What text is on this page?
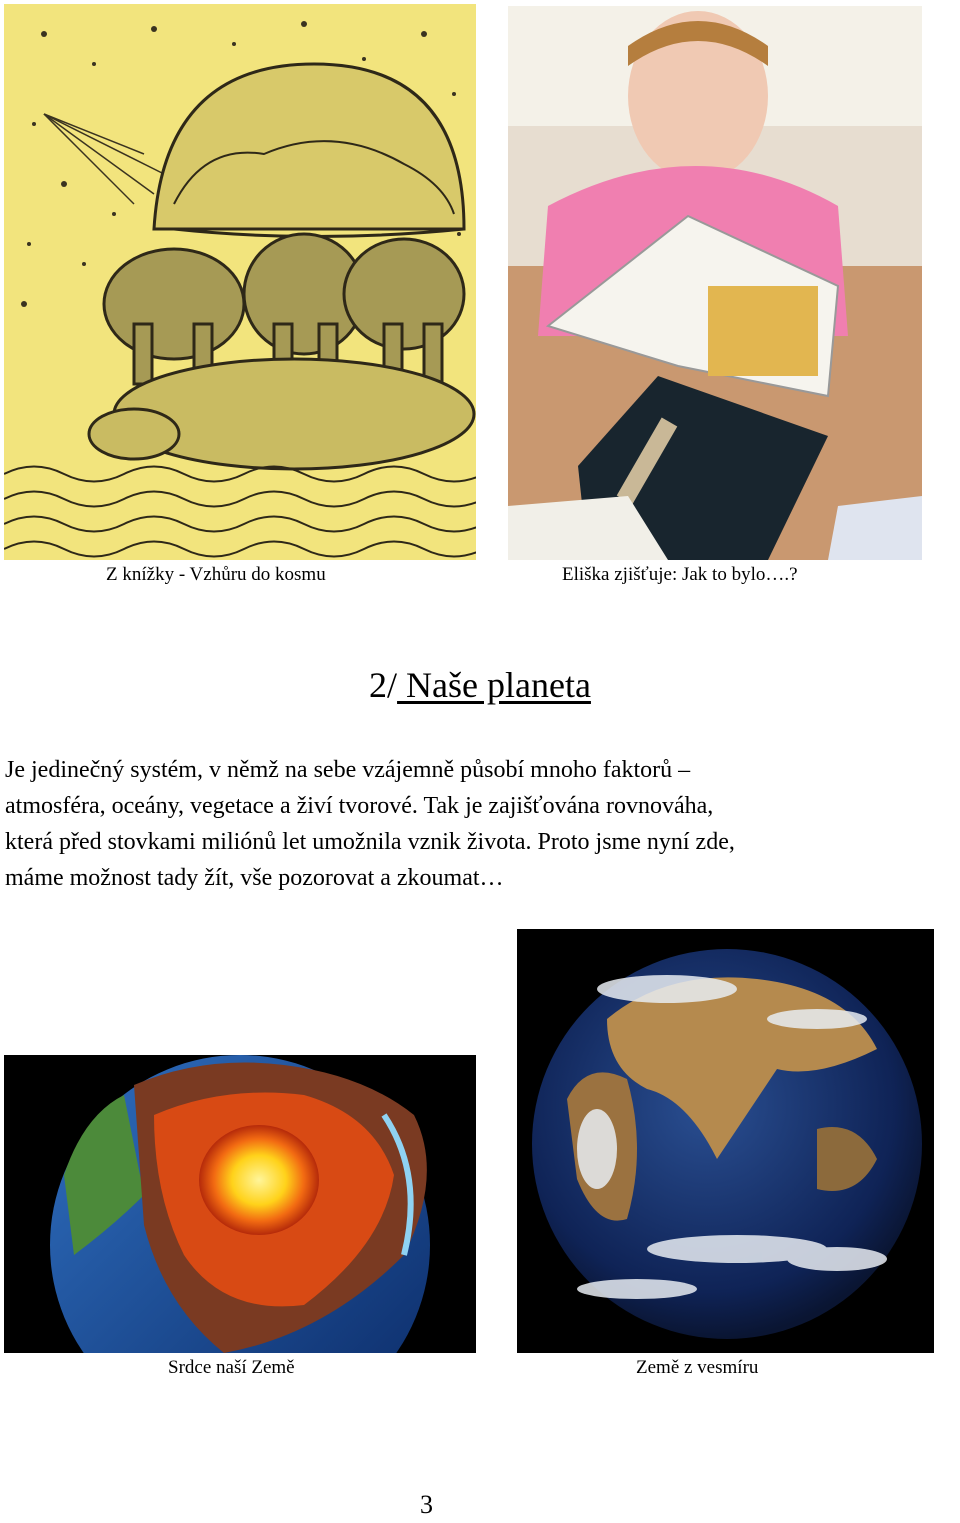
Z knížky - Vzhůru do kosmu	Eliška zjišťuje: Jak to bylo….?
2/ Naše planeta
Je jedinečný systém, v němž na sebe vzájemně působí mnoho faktorů –
atmosféra, oceány, vegetace a živí tvorové. Tak je zajišťována rovnováha,
která před stovkami miliónů let umožnila vznik života. Proto jsme nyní zde,
máme možnost tady žít, vše pozorovat a zkoumat…
Srdce naší Země	Země z vesmíru
3
